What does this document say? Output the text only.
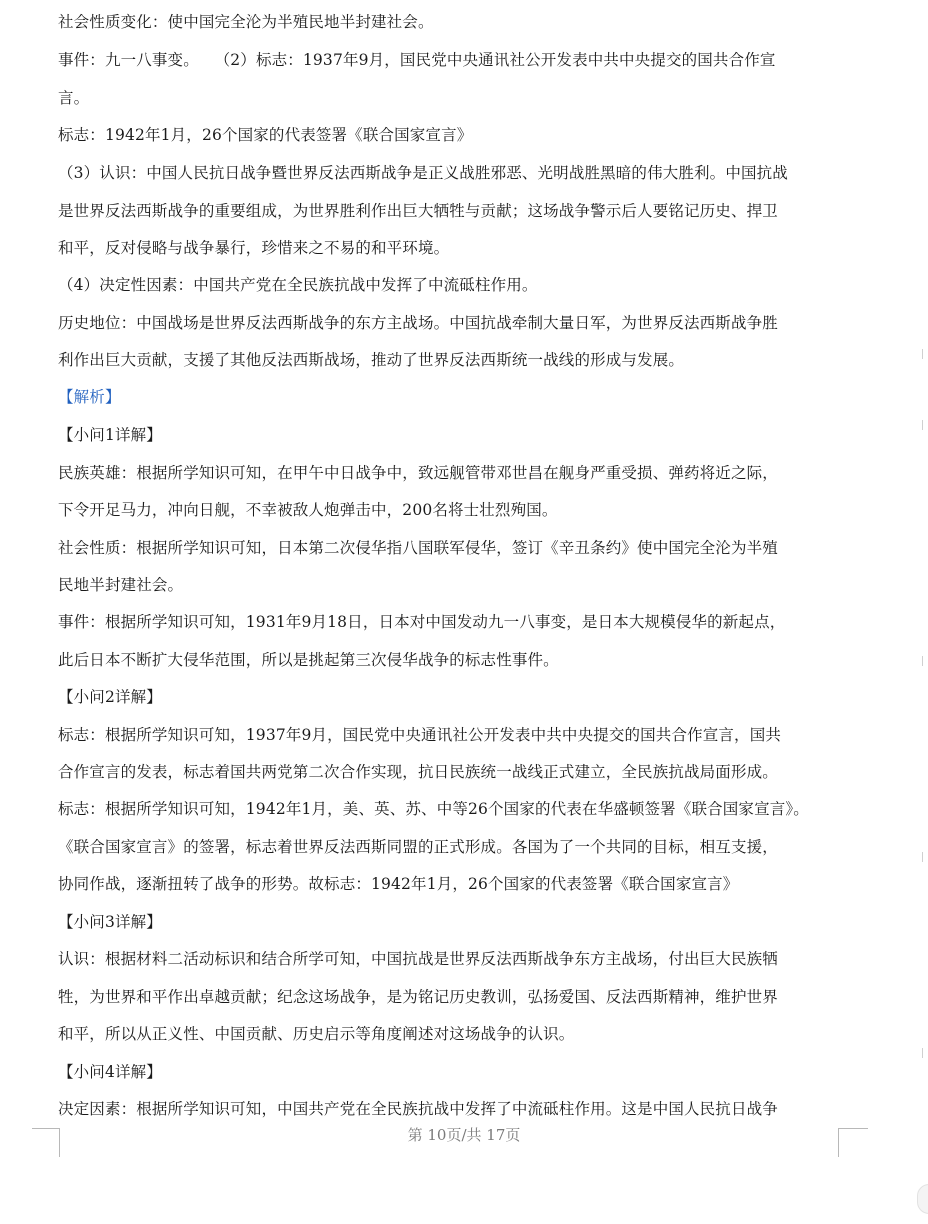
社会性质变化：使中国完全沦为半殖民地半封建社会。
事件：九一八事变。　　（2）标志：1937年9月，国民党中央通讯社公开发表中共中央提交的国共合作宣
言。
标志：1942年1月，26个国家的代表签署《联合国家宣言》
（3）认识：中国人民抗日战争暨世界反法西斯战争是正义战胜邪恶、光明战胜黑暗的伟大胜利。中国抗战
是世界反法西斯战争的重要组成，为世界胜利作出巨大牺牲与贡献；这场战争警示后人要铭记历史、捍卫
和平，反对侵略与战争暴行，珍惜来之不易的和平环境。
（4）决定性因素：中国共产党在全民族抗战中发挥了中流砥柱作用。
历史地位：中国战场是世界反法西斯战争的东方主战场。中国抗战牵制大量日军，为世界反法西斯战争胜
利作出巨大贡献，支援了其他反法西斯战场，推动了世界反法西斯统一战线的形成与发展。
【解析】
【小问1详解】
民族英雄：根据所学知识可知，在甲午中日战争中，致远舰管带邓世昌在舰身严重受损、弹药将近之际，
下令开足马力，冲向日舰，不幸被敌人炮弹击中，200名将士壮烈殉国。
社会性质：根据所学知识可知，日本第二次侵华指八国联军侵华，签订《辛丑条约》使中国完全沦为半殖
民地半封建社会。
事件：根据所学知识可知，1931年9月18日，日本对中国发动九一八事变，是日本大规模侵华的新起点，
此后日本不断扩大侵华范围，所以是挑起第三次侵华战争的标志性事件。
【小问2详解】
标志：根据所学知识可知，1937年9月，国民党中央通讯社公开发表中共中央提交的国共合作宣言，国共
合作宣言的发表，标志着国共两党第二次合作实现，抗日民族统一战线正式建立，全民族抗战局面形成。
标志：根据所学知识可知，1942年1月，美、英、苏、中等26个国家的代表在华盛顿签署《联合国家宣言》。
《联合国家宣言》的签署，标志着世界反法西斯同盟的正式形成。各国为了一个共同的目标，相互支援，
协同作战，逐渐扭转了战争的形势。故标志：1942年1月，26个国家的代表签署《联合国家宣言》
【小问3详解】
认识：根据材料二活动标识和结合所学可知，中国抗战是世界反法西斯战争东方主战场，付出巨大民族牺
牲，为世界和平作出卓越贡献；纪念这场战争，是为铭记历史教训，弘扬爱国、反法西斯精神，维护世界
和平，所以从正义性、中国贡献、历史启示等角度阐述对这场战争的认识。
【小问4详解】
决定因素：根据所学知识可知，中国共产党在全民族抗战中发挥了中流砥柱作用。这是中国人民抗日战争
第 10页/共 17页
